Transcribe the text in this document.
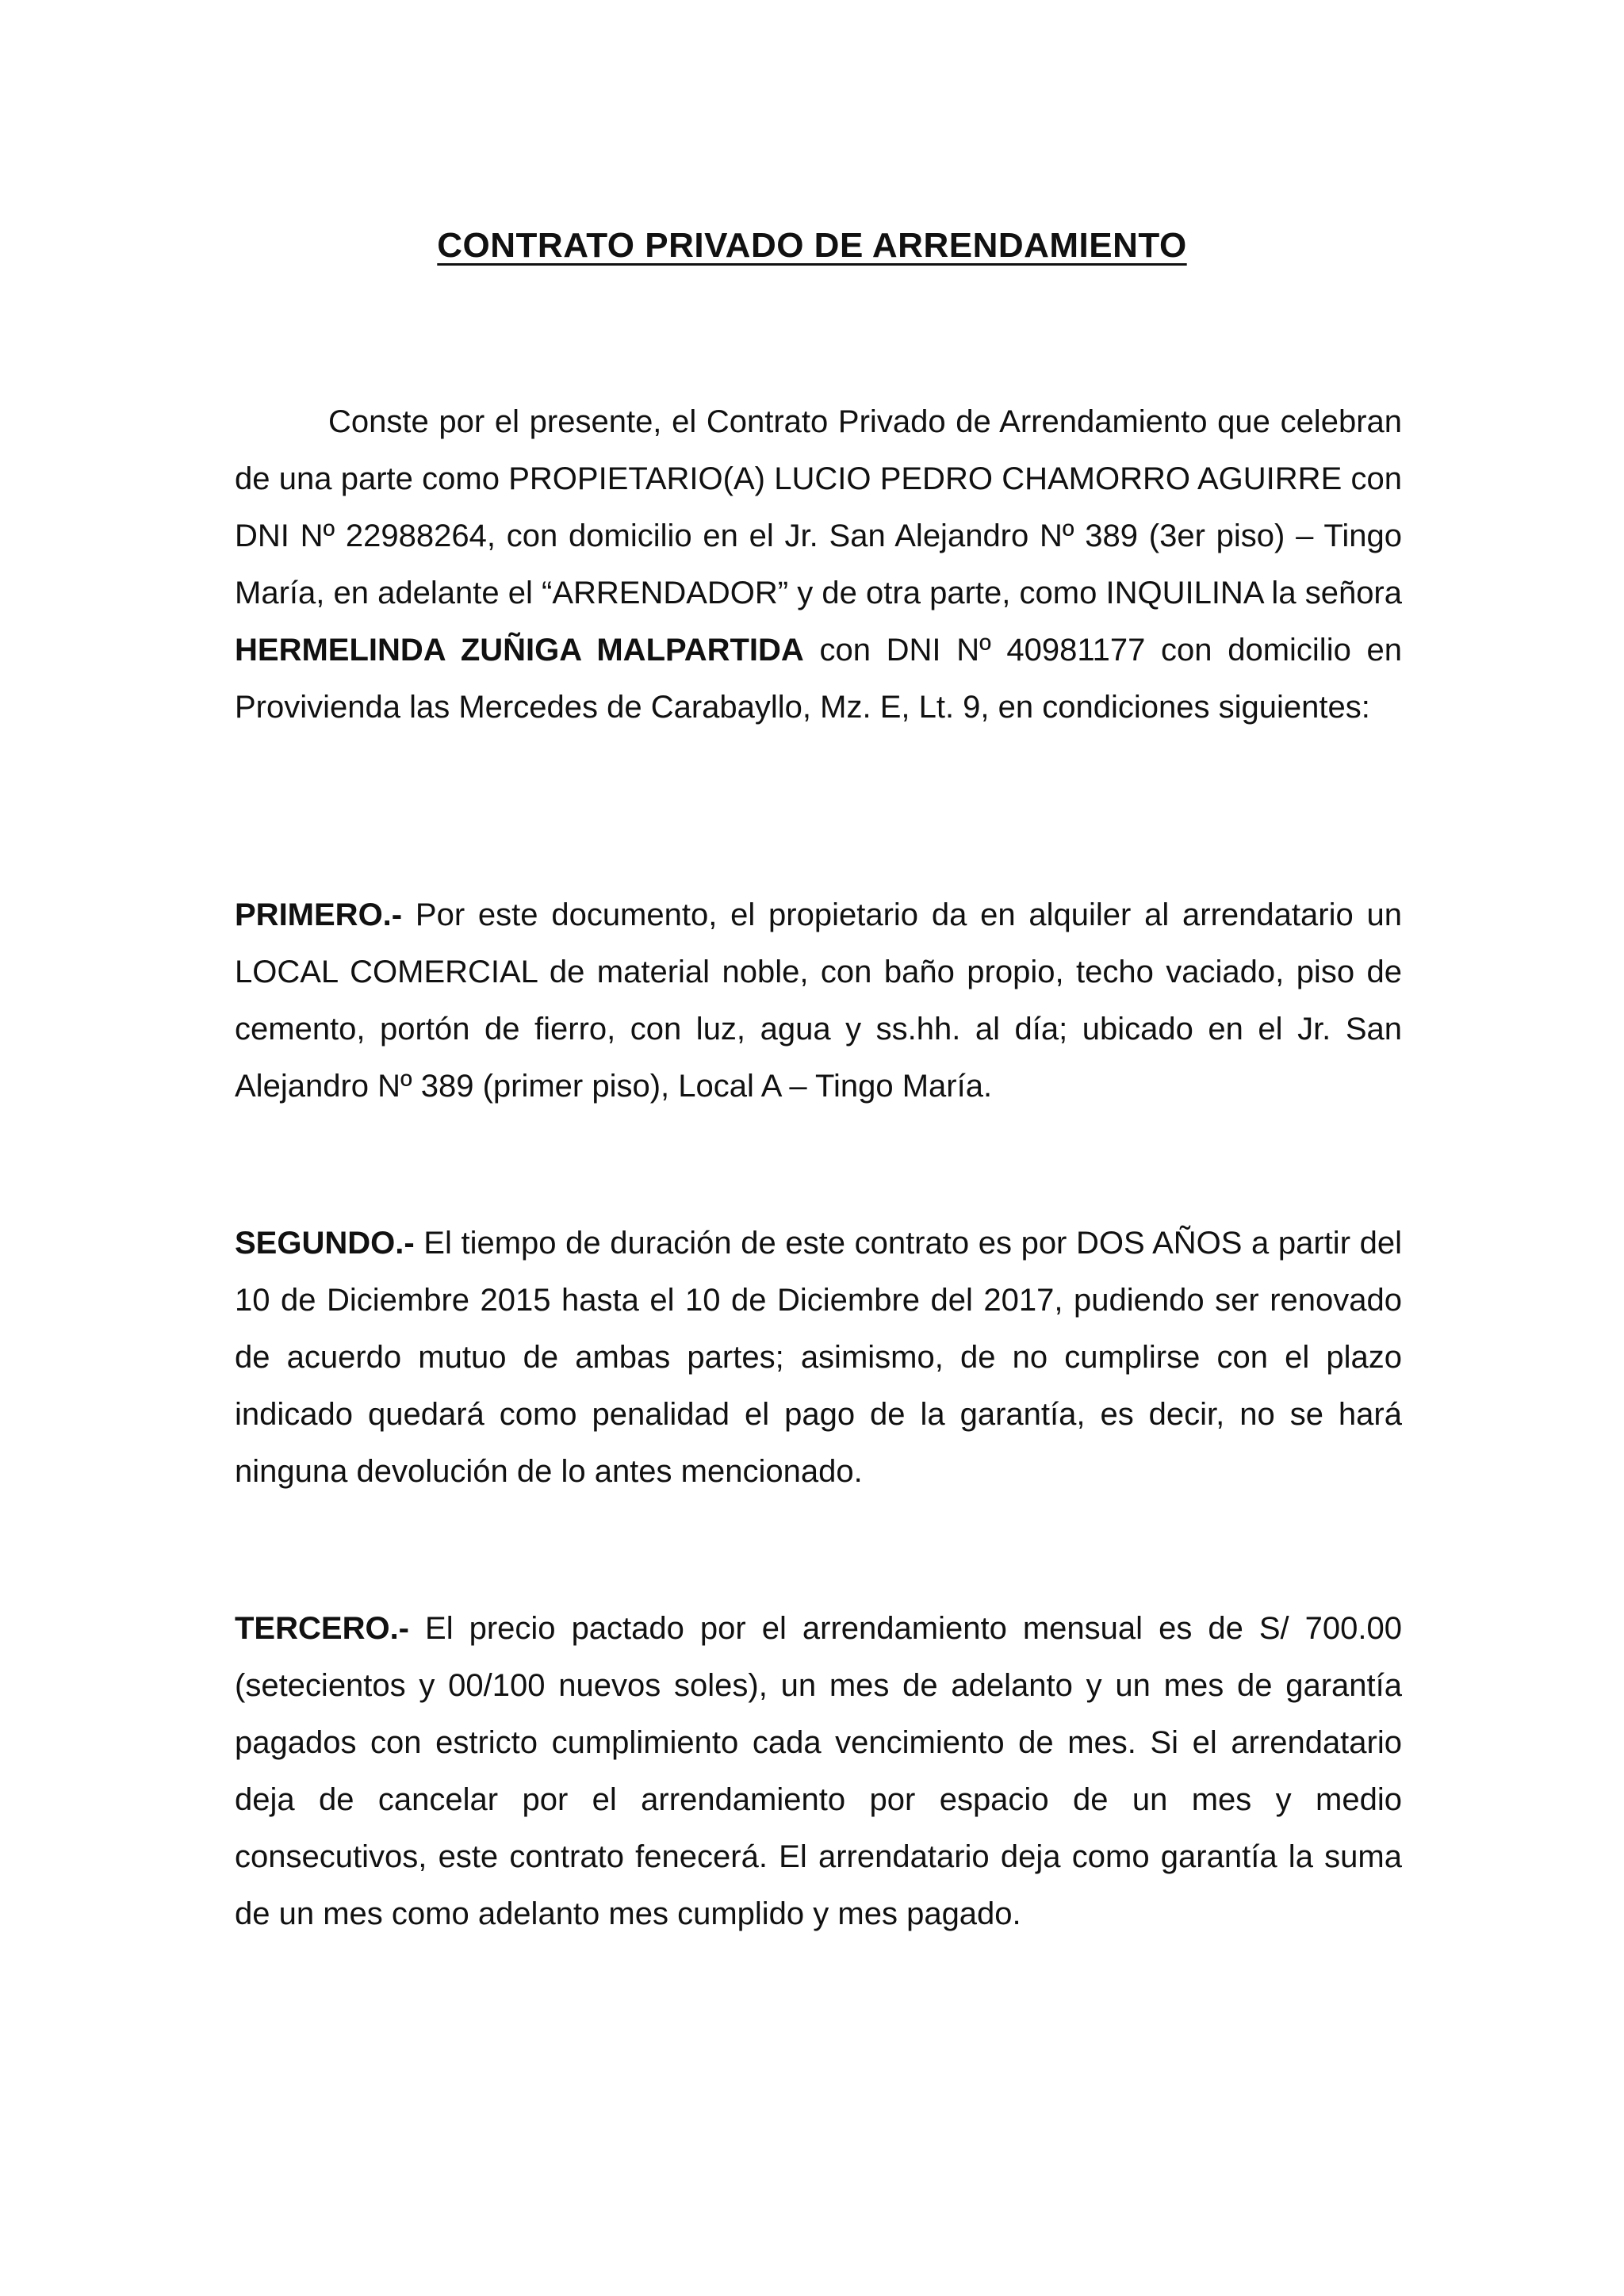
CONTRATO PRIVADO DE ARRENDAMIENTO

Conste por el presente, el Contrato Privado de Arrendamiento que celebran de una parte como PROPIETARIO(A) LUCIO PEDRO CHAMORRO AGUIRRE con DNI Nº 22988264, con domicilio en el Jr. San Alejandro Nº 389 (3er piso) – Tingo María, en adelante el “ARRENDADOR” y de otra parte, como INQUILINA la señora HERMELINDA ZUÑIGA MALPARTIDA con DNI Nº 40981177 con domicilio en Provivienda las Mercedes de Carabayllo, Mz. E, Lt. 9, en condiciones siguientes:

PRIMERO.- Por este documento, el propietario da en alquiler al arrendatario un LOCAL COMERCIAL de material noble, con baño propio, techo vaciado, piso de cemento, portón de fierro, con luz, agua y ss.hh. al día; ubicado en el Jr. San Alejandro Nº 389 (primer piso), Local A – Tingo María.

SEGUNDO.- El tiempo de duración de este contrato es por DOS AÑOS a partir del 10 de Diciembre 2015 hasta el 10 de Diciembre del 2017, pudiendo ser renovado de acuerdo mutuo de ambas partes; asimismo, de no cumplirse con el plazo indicado quedará como penalidad el pago de la garantía, es decir, no se hará ninguna devolución de lo antes mencionado.

TERCERO.- El precio pactado por el arrendamiento mensual es de S/ 700.00 (setecientos y 00/100 nuevos soles), un mes de adelanto y un mes de garantía pagados con estricto cumplimiento cada vencimiento de mes. Si el arrendatario deja de cancelar por el arrendamiento por espacio de un mes y medio consecutivos, este contrato fenecerá. El arrendatario deja como garantía la suma de un mes como adelanto mes cumplido y mes pagado.
